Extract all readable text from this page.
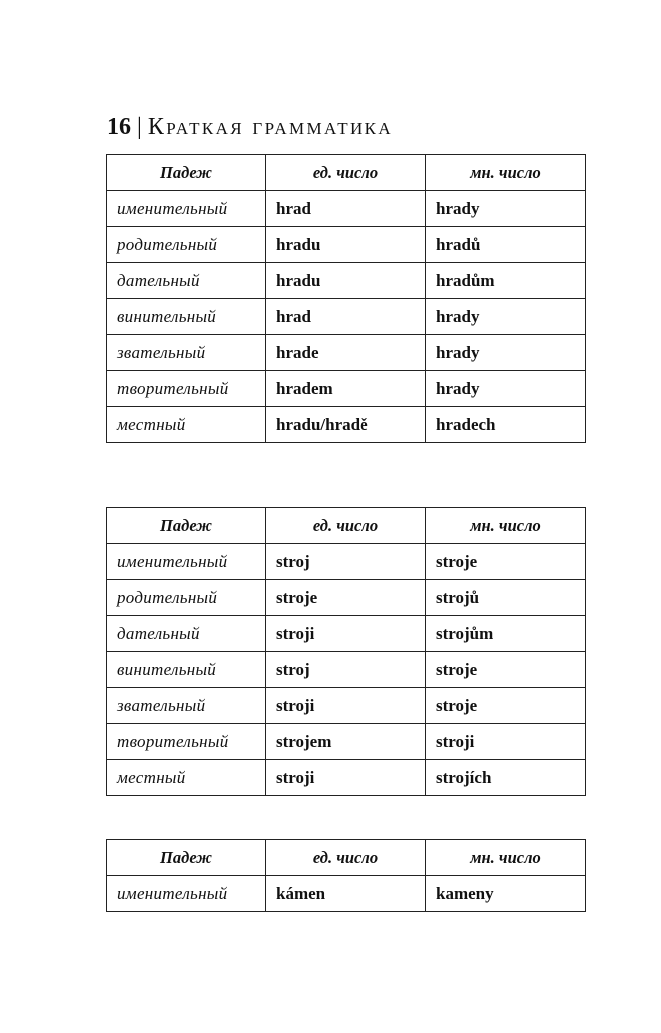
16 | Краткая грамматика
Падеж	ед. число	мн. число
именительный	hrad	hrady
родительный	hradu	hradů
дательный	hradu	hradům
винительный	hrad	hrady
звательный	hrade	hrady
творительный	hradem	hrady
местный	hradu/hradě	hradech
Падеж	ед. число	мн. число
именительный	stroj	stroje
родительный	stroje	strojů
дательный	stroji	strojům
винительный	stroj	stroje
звательный	stroji	stroje
творительный	strojem	stroji
местный	stroji	strojích
Падеж	ед. число	мн. число
именительный	kámen	kameny
